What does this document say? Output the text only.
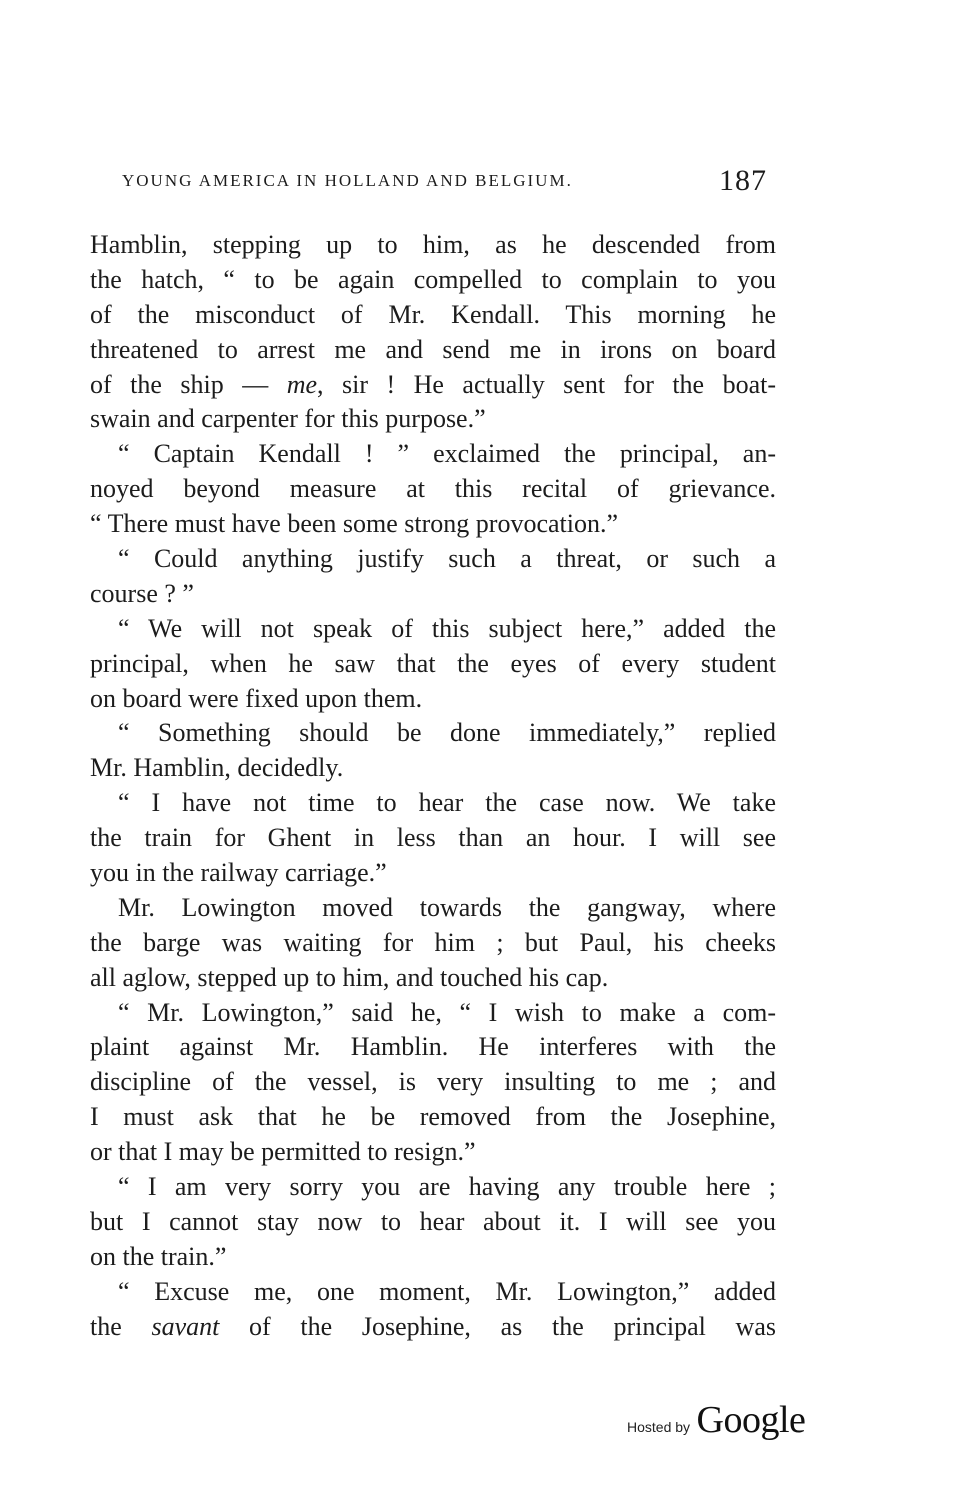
YOUNG AMERICA IN HOLLAND AND BELGIUM.	187
Hamblin, stepping up to him, as he descended from
the hatch, “ to be again compelled to complain to you
of the misconduct of Mr. Kendall. This morning he
threatened to arrest me and send me in irons on board
of the ship — me, sir ! He actually sent for the boat-
swain and carpenter for this purpose.”
“ Captain Kendall ! ” exclaimed the principal, an-
noyed beyond measure at this recital of grievance.
“ There must have been some strong provocation.”
“ Could anything justify such a threat, or such a
course ? ”
“ We will not speak of this subject here,” added the
principal, when he saw that the eyes of every student
on board were fixed upon them.
“ Something should be done immediately,” replied
Mr. Hamblin, decidedly.
“ I have not time to hear the case now. We take
the train for Ghent in less than an hour. I will see
you in the railway carriage.”
Mr. Lowington moved towards the gangway, where
the barge was waiting for him ; but Paul, his cheeks
all aglow, stepped up to him, and touched his cap.
“ Mr. Lowington,” said he, “ I wish to make a com-
plaint against Mr. Hamblin. He interferes with the
discipline of the vessel, is very insulting to me ; and
I must ask that he be removed from the Josephine,
or that I may be permitted to resign.”
“ I am very sorry you are having any trouble here ;
but I cannot stay now to hear about it. I will see you
on the train.”
“ Excuse me, one moment, Mr. Lowington,” added
the savant of the Josephine, as the principal was
Hosted by Google
